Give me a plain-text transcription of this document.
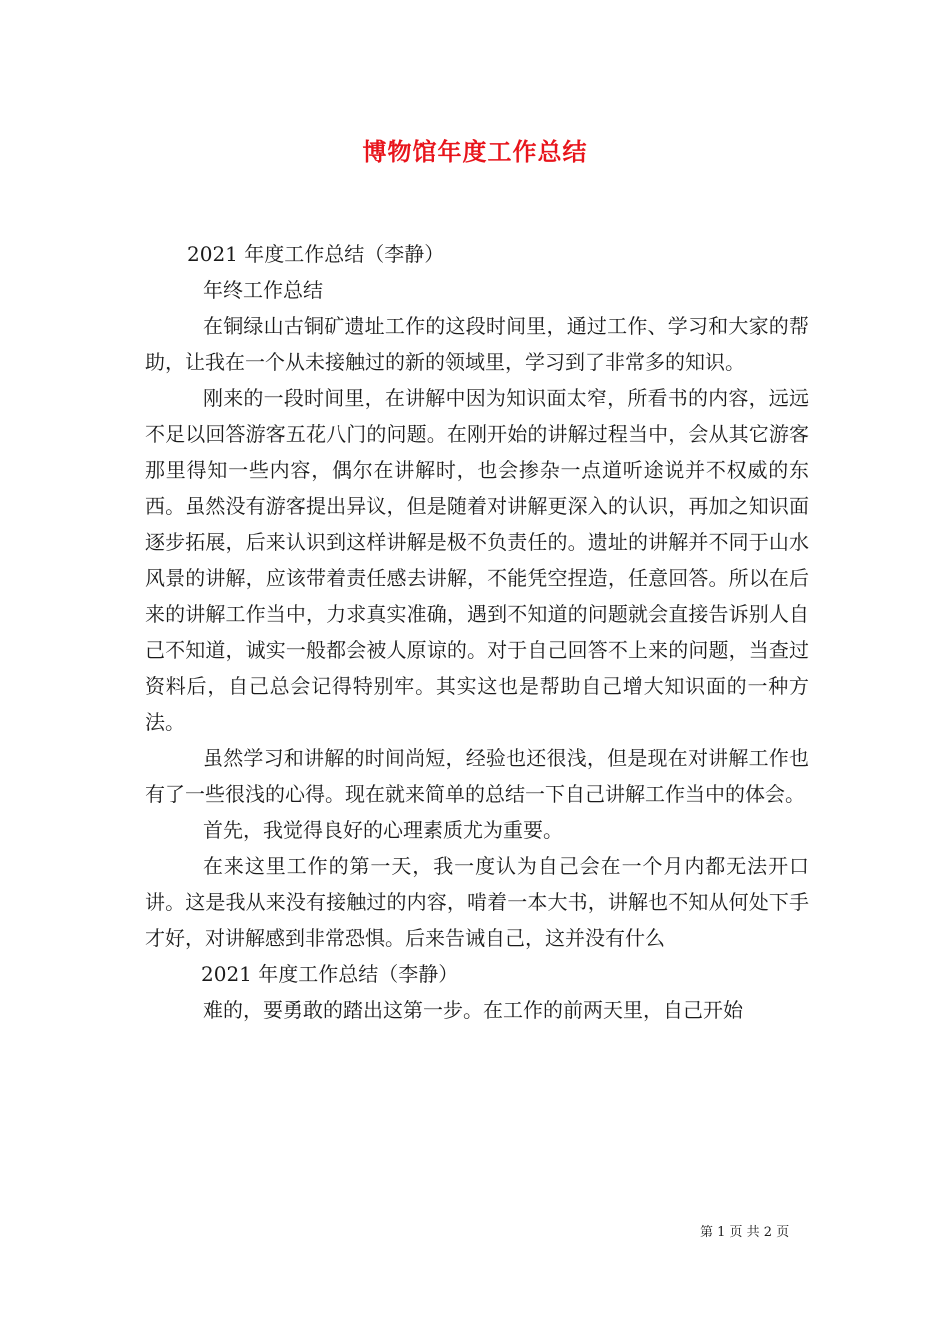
博物馆年度工作总结

2021 年度工作总结（李静）

年终工作总结

在铜绿山古铜矿遗址工作的这段时间里，通过工作、学习和大家的帮助，让我在一个从未接触过的新的领域里，学习到了非常多的知识。

刚来的一段时间里，在讲解中因为知识面太窄，所看书的内容，远远不足以回答游客五花八门的问题。在刚开始的讲解过程当中，会从其它游客那里得知一些内容，偶尔在讲解时，也会掺杂一点道听途说并不权威的东西。虽然没有游客提出异议，但是随着对讲解更深入的认识，再加之知识面逐步拓展，后来认识到这样讲解是极不负责任的。遗址的讲解并不同于山水风景的讲解，应该带着责任感去讲解，不能凭空捏造，任意回答。所以在后来的讲解工作当中，力求真实准确，遇到不知道的问题就会直接告诉别人自己不知道，诚实一般都会被人原谅的。对于自己回答不上来的问题，当查过资料后，自己总会记得特别牢。其实这也是帮助自己增大知识面的一种方法。

虽然学习和讲解的时间尚短，经验也还很浅，但是现在对讲解工作也有了一些很浅的心得。现在就来简单的总结一下自己讲解工作当中的体会。

首先，我觉得良好的心理素质尤为重要。

在来这里工作的第一天，我一度认为自己会在一个月内都无法开口讲。这是我从来没有接触过的内容，啃着一本大书，讲解也不知从何处下手才好，对讲解感到非常恐惧。后来告诫自己，这并没有什么

2021 年度工作总结（李静）

难的，要勇敢的踏出这第一步。在工作的前两天里，自己开始

第 1 页 共 2 页
